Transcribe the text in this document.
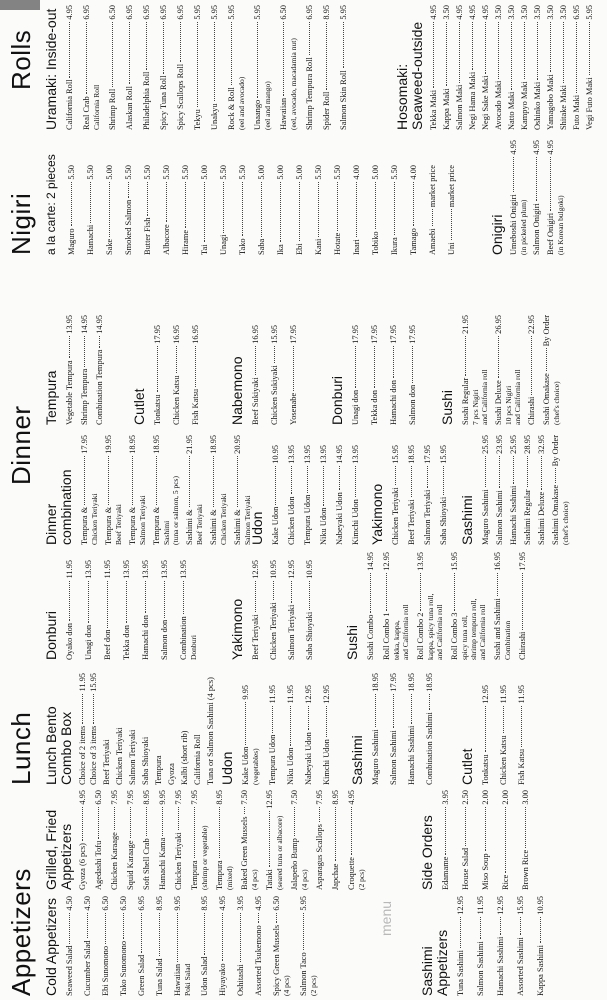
Appetizers
Lunch
Dinner
Nigiri
Rolls
Cold Appetizers Seaweed Salad
4.50
Cucumber Salad
4.50
Ebi Sunomono
6.50
Tako Sunomono
6.50
Green Salad
6.95
Tuna Salad
8.95
Hawaiian
9.95
Poki Salad Udon Salad
8.95
Hiyayako
4.95
Oshitashi
3.95
Assorted Tsukemono
4.95
Spicy Green Mussels
6.50
(4 pcs) Salmon Taco
5.95
(2 pcs)
Grilled, Fried Appetizers Gyoza (6 pcs)
4.95
Agedashi Tofu
6.50
Chicken Karaage
7.95
Squid Karaage
7.95
Soft Shell Crab
8.95
Hamachi Kama
9.95
Chicken Teriyaki
7.95
Tempura
7.95
(shrimp or vegetable) Tempura
8.95
(mixed) Baked Green Mussels
7.50
(4 pcs) Tataki
12.95
(seared tuna or albacore) Jalapeño Bump
7.50
(4 pcs) Asparagus Scallops
7.95
Japchae
8.95
Croquette
4.95
(2 pcs)
Sashimi Appetizers Tuna Sashimi
12.95
Salmon Sashimi
11.95
Hamachi Sashimi
12.95
Assorted Sashimi
15.95
Kappa Sashimi
10.95
Side Orders Edamame
3.95
House Salad
2.50
Miso Soup
2.00
Rice
2.00
Brown Rice
3.00
Lunch Bento
Combo Box
Choice of 2 items
11.95
Choice of 3 items
15.95
Beef Teriyaki Chicken Teriyaki Salmon Teriyaki Saba Shioyaki Tempura Gyoza Kalbi (short rib) California Roll Tuna or Salmon Sashimi (4 pcs) Udon Kake Udon
9.95
(vegetables) Tempura Udon
11.95
Niku Udon
11.95
Nabeyaki Udon
12.95
Kimchi Udon
12.95
Sashimi Maguro Sashimi
18.95
Salmon Sashimi
17.95
Hamachi Sashimi
18.95
Combination Sashimi
18.95
Cutlet Tonkatsu
12.95
Chicken Katsu
11.95
Fish Katsu
11.95
Donburi Oyako don
11.95
Unagi don
13.95
Beef don
11.95
Tekka don
13.95
Hamachi don
13.95
Salmon don
13.95
Combination
13.95
Donburi Yakimono Beef Teriyaki
12.95
Chicken Teriyaki
10.95
Salmon Teriyaki
12.95
Saba Shioyaki
10.95
Sushi Sushi Combo
14.95
Roll Combo 1
12.95
tekka, kappa, and California roll Roll Combo 2
13.95
kappa, spicy tuna roll, and California roll Roll Combo 3
15.95
spicy tuna roll, shrimp tempura roll, and California roll Sushi and Sashimi
16.95
Combination Chirashi
17.95
Dinner combination Tempura &
17.95
Chicken Teriyaki Tempura &
19.95
Beef Teriyaki Tempura &
18.95
Salmon Teriyaki Tempura &
18.95
Sashimi (tuna or salmon, 5 pcs) Sashimi &
21.95
Beef Teriyaki Sashimi &
18.95
Chicken Teriyaki Sashimi &
20.95
Salmon Teriyaki
Udon Kake Udon
10.95
Chicken Udon
13.95
Tempura Udon
13.95
Niku Udon
13.95
Nabeyaki Udon
14.95
Kimchi Udon
13.95
Yakimono Chicken Teriyaki
15.95
Beef Teriyaki
18.95
Salmon Teriyaki
17.95
Saba Shioyaki
15.95
Sashimi Maguro Sashimi
25.95
Salmon Sashimi
23.95
Hamachi Sashimi
25.95
Sashimi Regular
28.95
Sashimi Deluxe
32.95
Sashimi Omakase
By Order
(chef's choice)
Tempura Vegetable Tempura
13.95
Shrimp Tempura
14.95
Combination Tempura
14.95
Cutlet Tonkatsu
17.95
Chicken Katsu
16.95
Fish Katsu
16.95
Nabemono Beef Sukiyaki
16.95
Chicken Sukiyaki
15.95
Yosenabe
17.95
Donburi Unagi don
17.95
Tekka don
17.95
Hamachi don
17.95
Salmon don
17.95
Sushi Sushi Regular
21.95
7 pcs Nigiri and California roll Sushi Deluxe
26.95
10 pcs Nigiri and California roll Chirashi
22.95
Sushi Omakase
By Order
(chef's choice)
a la carte: 2 pieces Maguro
5.50
Hamachi
5.50
Sake
5.00
Smoked Salmon
5.50
Butter Fish
5.50
Albacore
5.50
Hirame
5.50
Tai
5.00
Unagi
5.50
Tako
5.50
Saba
5.00
Ika
5.00
Ebi
5.00
Kani
5.50
Hotate
5.50
Inari
4.00
Tobiko
5.00
Ikura
5.50
Tamago
4.00
Amaebi
market price
Uni
market price
Onigiri Umeboshi Onigiri
4.95
(in pickeled plum) Salmon Onigiri
4.95
Beef Onigiri
4.95
(in Korean bulgoki)
Uramaki: Inside-out California Roll
4.95
Real Crab
6.95
California Roll Shrimp Roll
6.50
Alaskan Roll
6.95
Philadelphia Roll
6.95
Spicy Tuna Roll
6.95
Spicy Scallops Roll
6.95
Tekyu
5.95
Unakyu
5.95
Rock & Roll
5.95
(eel and avocado) Unaango
5.95
(eel and mango) Hawaiian
6.50
(eel, avocado, macadamia nut) Shrimp Tempura Roll
6.95
Spider Roll
8.95
Salmon Skin Roll
5.95
Hosomaki:
Seaweed-outside Tekka Maki
4.95
Kappa Maki
3.50
Salmon Maki
4.95
Negi Hama Maki
4.95
Negi Sake Maki
4.95
Avocado Maki
3.50
Natto Maki
3.50
Kampyo Maki
3.50
Oshinko Maki
3.50
Yamagobo Maki
3.50
Shitake Maki
3.50
Futo Maki
6.95
Vegi Futo Maki
5.95
menu
